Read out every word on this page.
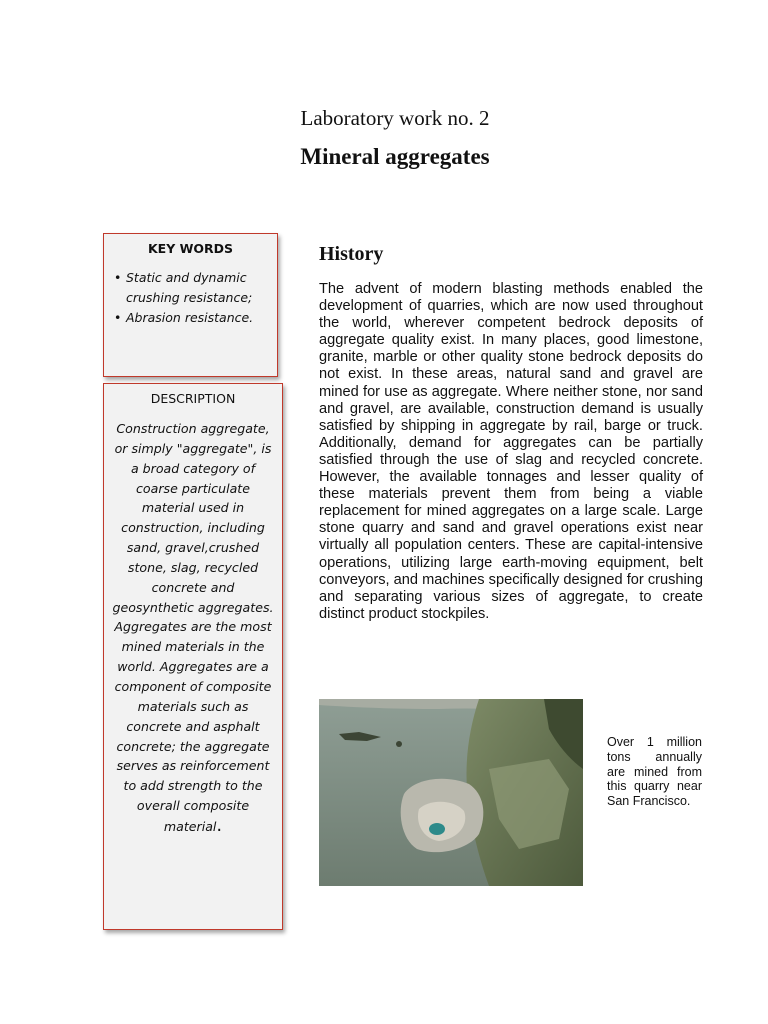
Laboratory work no. 2
Mineral aggregates
KEY WORDS
• Static and dynamic crushing resistance;
• Abrasion resistance.
DESCRIPTION
Construction aggregate, or simply "aggregate", is a broad category of coarse particulate material used in construction, including sand, gravel,crushed stone, slag, recycled concrete and geosynthetic aggregates. Aggregates are the most mined materials in the world. Aggregates are a component of composite materials such as concrete and asphalt concrete; the aggregate serves as reinforcement to add strength to the overall composite material.
History
The advent of modern blasting methods enabled the development of quarries, which are now used throughout the world, wherever competent bedrock deposits of aggregate quality exist. In many places, good limestone, granite, marble or other quality stone bedrock deposits do not exist. In these areas, natural sand and gravel are mined for use as aggregate. Where neither stone, nor sand and gravel, are available, construction demand is usually satisfied by shipping in aggregate by rail, barge or truck. Additionally, demand for aggregates can be partially satisfied through the use of slag and recycled concrete. However, the available tonnages and lesser quality of these materials prevent them from being a viable replacement for mined aggregates on a large scale. Large stone quarry and sand and gravel operations exist near virtually all population centers. These are capital-intensive operations, utilizing large earth-moving equipment, belt conveyors, and machines specifically designed for crushing and separating various sizes of aggregate, to create distinct product stockpiles.
Over 1 million tons annually are mined from this quarry near San Francisco.
